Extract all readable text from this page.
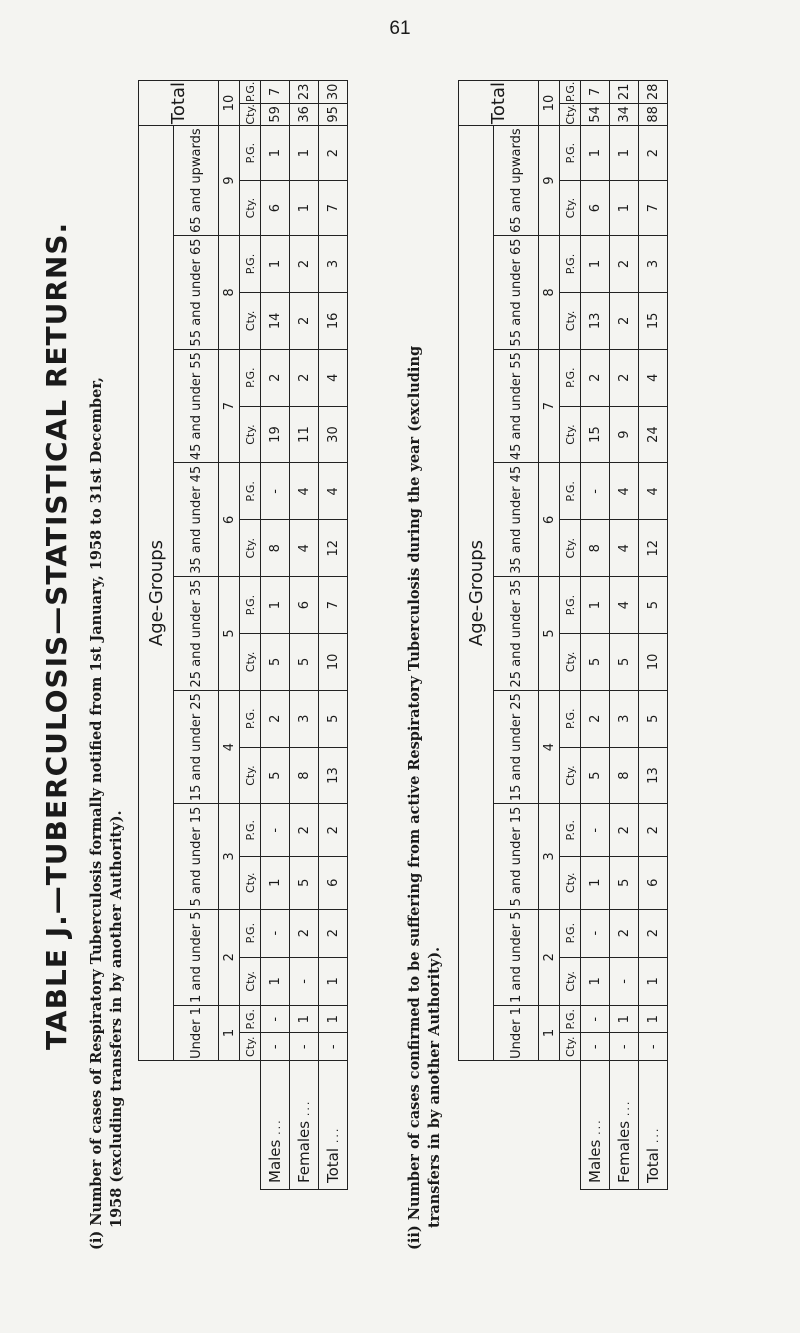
61
TABLE J.—TUBERCULOSIS—STATISTICAL RETURNS. (i) Number of cases of Respiratory Tuberculosis formally notified from 1st January, 1958 to 31st December, 1958 (excluding transfers in by another Authority).
	Age-Groups																		Total	
	Under 1		1 and under 5		5 and under 15		15 and under 25		25 and under 35		35 and under 45		45 and under 55		55 and under 65		65 and upwards			
	1		2		3		4		5		6		7		8		9		10	
	Cty.	P.G.	Cty.	P.G.	Cty.	P.G.	Cty.	P.G.	Cty.	P.G.	Cty.	P.G.	Cty.	P.G.	Cty.	P.G.	Cty.	P.G.	Cty.	P.G.
Males ...	-	-	1	-	1	-	5	2	5	1	8	-	19	2	14	1	6	1	59	7
Females ...	-	1	-	2	5	2	8	3	5	6	4	4	11	2	2	2	1	1	36	23
Total ...	-	1	1	2	6	2	13	5	10	7	12	4	30	4	16	3	7	2	95	30
(ii) Number of cases confirmed to be suffering from active Respiratory Tuberculosis during the year (excluding transfers in by another Authority).
	Age-Groups																		Total	
	Under 1		1 and under 5		5 and under 15		15 and under 25		25 and under 35		35 and under 45		45 and under 55		55 and under 65		65 and upwards			
	1		2		3		4		5		6		7		8		9		10	
	Cty.	P.G.	Cty.	P.G.	Cty.	P.G.	Cty.	P.G.	Cty.	P.G.	Cty.	P.G.	Cty.	P.G.	Cty.	P.G.	Cty.	P.G.	Cty.	P.G.
Males ...	-	-	1	-	1	-	5	2	5	1	8	-	15	2	13	1	6	1	54	7
Females ...	-	1	-	2	5	2	8	3	5	4	4	4	9	2	2	2	1	1	34	21
Total ...	-	1	1	2	6	2	13	5	10	5	12	4	24	4	15	3	7	2	88	28
